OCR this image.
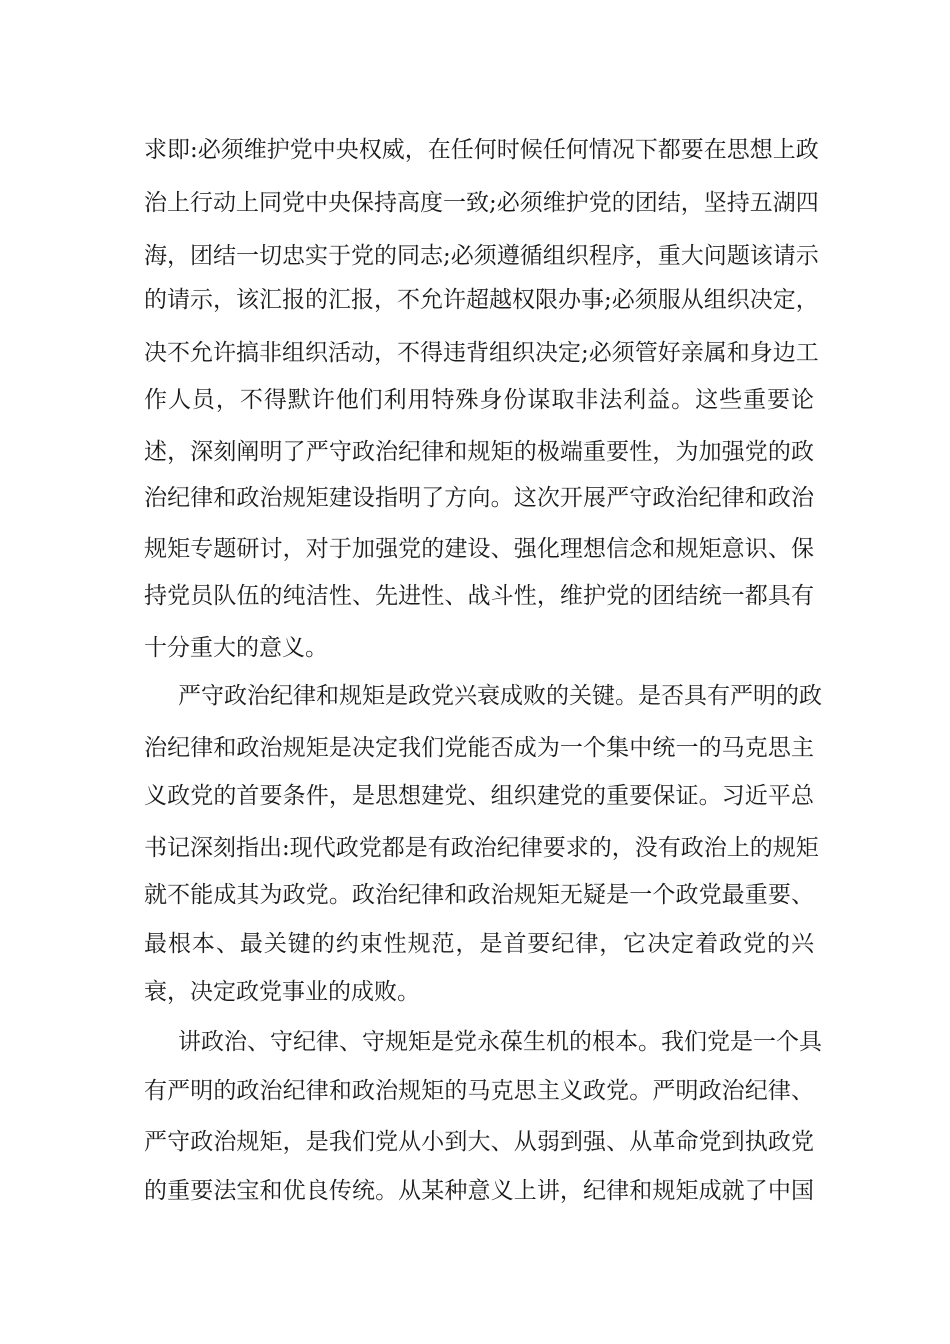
求即:必须维护党中央权威，在任何时候任何情况下都要在思想上政
治上行动上同党中央保持高度一致;必须维护党的团结，坚持五湖四
海，团结一切忠实于党的同志;必须遵循组织程序，重大问题该请示
的请示，该汇报的汇报，不允许超越权限办事;必须服从组织决定，
决不允许搞非组织活动，不得违背组织决定;必须管好亲属和身边工
作人员，不得默许他们利用特殊身份谋取非法利益。这些重要论
述，深刻阐明了严守政治纪律和规矩的极端重要性，为加强党的政
治纪律和政治规矩建设指明了方向。这次开展严守政治纪律和政治
规矩专题研讨，对于加强党的建设、强化理想信念和规矩意识、保
持党员队伍的纯洁性、先进性、战斗性，维护党的团结统一都具有
十分重大的意义。
严守政治纪律和规矩是政党兴衰成败的关键。是否具有严明的政
治纪律和政治规矩是决定我们党能否成为一个集中统一的马克思主
义政党的首要条件，是思想建党、组织建党的重要保证。习近平总
书记深刻指出:现代政党都是有政治纪律要求的，没有政治上的规矩
就不能成其为政党。政治纪律和政治规矩无疑是一个政党最重要、
最根本、最关键的约束性规范，是首要纪律，它决定着政党的兴
衰，决定政党事业的成败。
讲政治、守纪律、守规矩是党永葆生机的根本。我们党是一个具
有严明的政治纪律和政治规矩的马克思主义政党。严明政治纪律、
严守政治规矩，是我们党从小到大、从弱到强、从革命党到执政党
的重要法宝和优良传统。从某种意义上讲，纪律和规矩成就了中国
